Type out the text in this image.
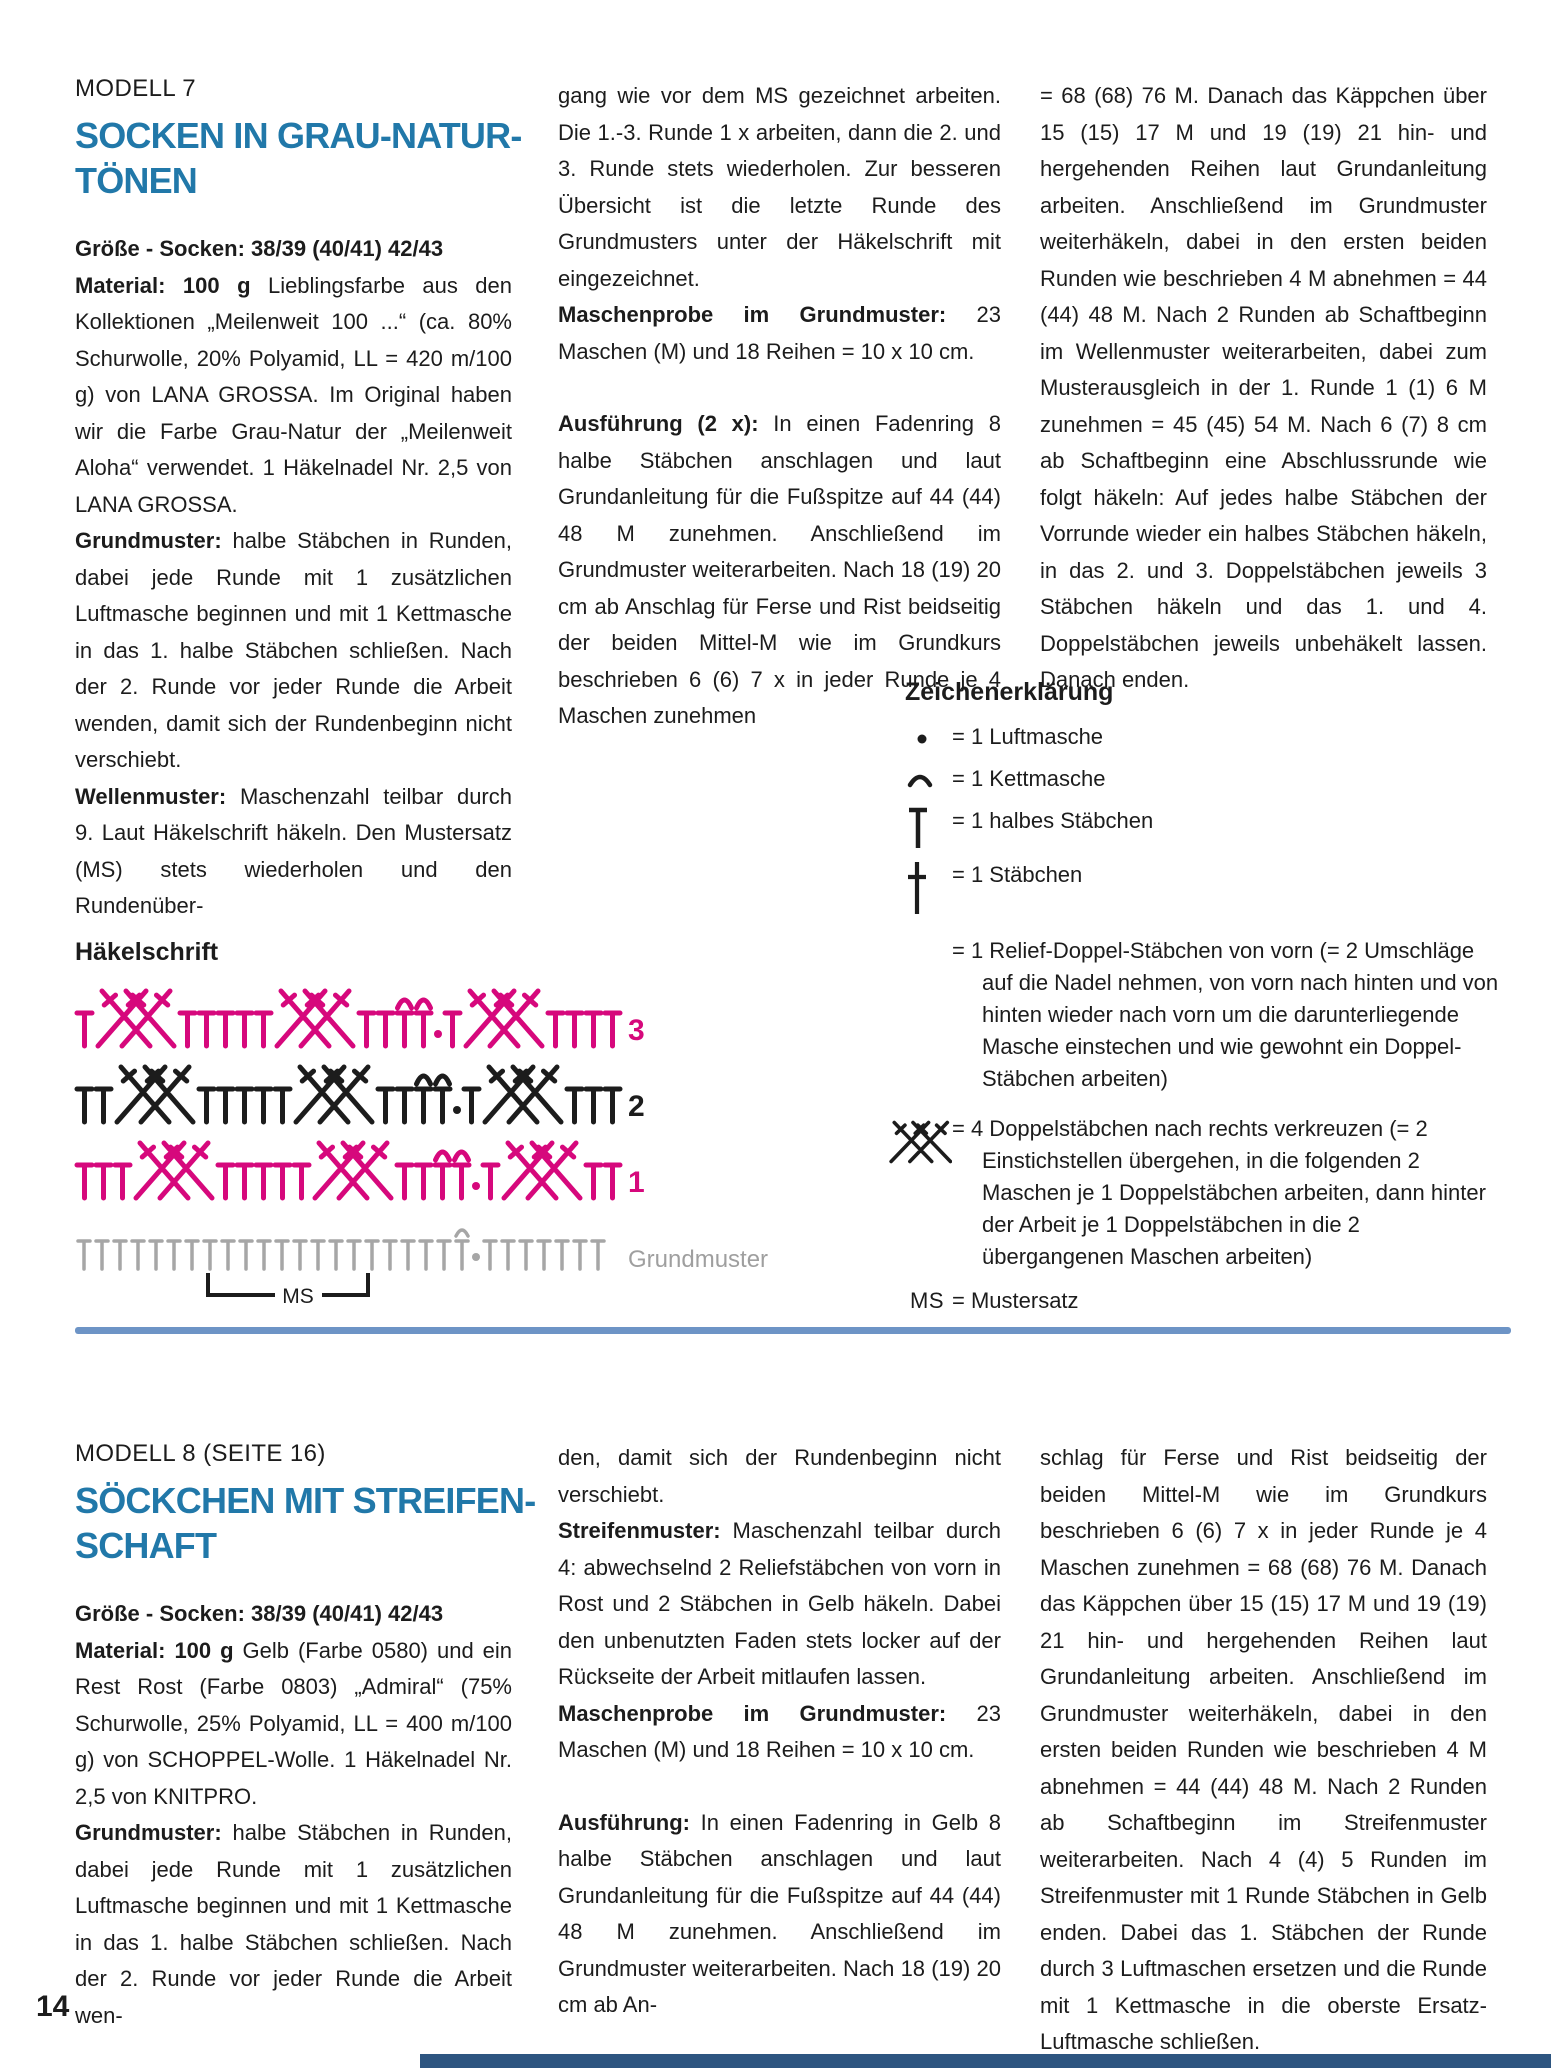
MODELL 7
SOCKEN IN GRAU-NATUR-
TÖNEN

Größe - Socken: 38/39 (40/41) 42/43

Material: 100 g Lieblingsfarbe aus den Kollektionen „Meilenweit 100 ...“ (ca. 80% Schurwolle, 20% Polyamid, LL = 420 m/100 g) von LANA GROSSA. Im Original haben wir die Farbe Grau-Natur der „Meilenweit Aloha“ verwendet. 1 Häkelnadel Nr. 2,5 von LANA GROSSA.

Grundmuster: halbe Stäbchen in Runden, dabei jede Runde mit 1 zusätzlichen Luftmasche beginnen und mit 1 Kettmasche in das 1. halbe Stäbchen schließen. Nach der 2. Runde vor jeder Runde die Arbeit wenden, damit sich der Rundenbeginn nicht verschiebt.

Wellenmuster: Maschenzahl teilbar durch 9. Laut Häkelschrift häkeln. Den Mustersatz (MS) stets wiederholen und den Rundenüber-

gang wie vor dem MS gezeichnet arbeiten. Die 1.-3. Runde 1 x arbeiten, dann die 2. und 3. Runde stets wiederholen. Zur besseren Übersicht ist die letzte Runde des Grundmusters unter der Häkelschrift mit eingezeichnet.

Maschenprobe im Grundmuster: 23 Maschen (M) und 18 Reihen = 10 x 10 cm.

Ausführung (2 x): In einen Fadenring 8 halbe Stäbchen anschlagen und laut Grundanleitung für die Fußspitze auf 44 (44) 48 M zunehmen. Anschließend im Grundmuster weiterarbeiten. Nach 18 (19) 20 cm ab Anschlag für Ferse und Rist beidseitig der beiden Mittel-M wie im Grundkurs beschrieben 6 (6) 7 x in jeder Runde je 4 Maschen zunehmen

= 68 (68) 76 M. Danach das Käppchen über 15 (15) 17 M und 19 (19) 21 hin- und hergehenden Reihen laut Grundanleitung arbeiten. Anschließend im Grundmuster weiterhäkeln, dabei in den ersten beiden Runden wie beschrieben 4 M abnehmen = 44 (44) 48 M. Nach 2 Runden ab Schaftbeginn im Wellenmuster weiterarbeiten, dabei zum Musterausgleich in der 1. Runde 1 (1) 6 M zunehmen = 45 (45) 54 M. Nach 6 (7) 8 cm ab Schaftbeginn eine Abschlussrunde wie folgt häkeln: Auf jedes halbe Stäbchen der Vorrunde wieder ein halbes Stäbchen häkeln, in das 2. und 3. Doppelstäbchen jeweils 3 Stäbchen häkeln und das 1. und 4. Doppelstäbchen jeweils unbehäkelt lassen. Danach enden.

Häkelschrift
3
2
1
Grundmuster
MS
Zeichenerklärung
= 1 Luftmasche
= 1 Kettmasche
= 1 halbes Stäbchen
= 1 Stäbchen
= 1 Relief-Doppel-Stäbchen von vorn (= 2 Umschläge auf die Nadel nehmen, von vorn nach hinten und von hinten wieder nach vorn um die darunterliegende Masche einstechen und wie gewohnt ein Doppel-Stäbchen arbeiten)
= 4 Doppelstäbchen nach rechts verkreuzen (= 2 Einstichstellen übergehen, in die folgenden 2 Maschen je 1 Doppelstäbchen arbeiten, dann hinter der Arbeit je 1 Doppelstäbchen in die 2 übergangenen Maschen arbeiten)
MS = Mustersatz
MODELL 8 (SEITE 16)
SÖCKCHEN MIT STREIFEN-
SCHAFT

Größe - Socken: 38/39 (40/41) 42/43

Material: 100 g Gelb (Farbe 0580) und ein Rest Rost (Farbe 0803) „Admiral“ (75% Schurwolle, 25% Polyamid, LL = 400 m/100 g) von SCHOPPEL-Wolle. 1 Häkelnadel Nr. 2,5 von KNITPRO.

Grundmuster: halbe Stäbchen in Runden, dabei jede Runde mit 1 zusätzlichen Luftmasche beginnen und mit 1 Kettmasche in das 1. halbe Stäbchen schließen. Nach der 2. Runde vor jeder Runde die Arbeit wen-

den, damit sich der Rundenbeginn nicht verschiebt.

Streifenmuster: Maschenzahl teilbar durch 4: abwechselnd 2 Reliefstäbchen von vorn in Rost und 2 Stäbchen in Gelb häkeln. Dabei den unbenutzten Faden stets locker auf der Rückseite der Arbeit mitlaufen lassen.

Maschenprobe im Grundmuster: 23 Maschen (M) und 18 Reihen = 10 x 10 cm.

Ausführung: In einen Fadenring in Gelb 8 halbe Stäbchen anschlagen und laut Grundanleitung für die Fußspitze auf 44 (44) 48 M zunehmen. Anschließend im Grundmuster weiterarbeiten. Nach 18 (19) 20 cm ab An-

schlag für Ferse und Rist beidseitig der beiden Mittel-M wie im Grundkurs beschrieben 6 (6) 7 x in jeder Runde je 4 Maschen zunehmen = 68 (68) 76 M. Danach das Käppchen über 15 (15) 17 M und 19 (19) 21 hin- und hergehenden Reihen laut Grundanleitung arbeiten. Anschließend im Grundmuster weiterhäkeln, dabei in den ersten beiden Runden wie beschrieben 4 M abnehmen = 44 (44) 48 M. Nach 2 Runden ab Schaftbeginn im Streifenmuster weiterarbeiten. Nach 4 (4) 5 Runden im Streifenmuster mit 1 Runde Stäbchen in Gelb enden. Dabei das 1. Stäbchen der Runde durch 3 Luftmaschen ersetzen und die Runde mit 1 Kettmasche in die oberste Ersatz-Luftmasche schließen.

14
